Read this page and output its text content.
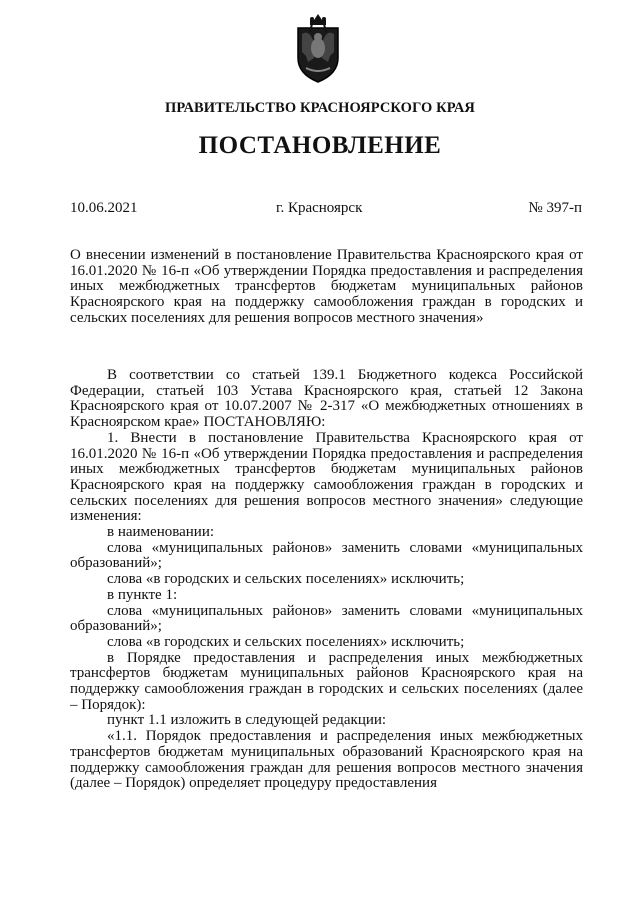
ПРАВИТЕЛЬСТВО КРАСНОЯРСКОГО КРАЯ
ПОСТАНОВЛЕНИЕ
10.06.2021	г. Красноярск	№ 397-п

О внесении изменений в постановление Правительства Красноярского края от 16.01.2020 № 16-п «Об утверждении Порядка предоставления и распределения иных межбюджетных трансфертов бюджетам муниципальных районов Красноярского края на поддержку самообложения граждан в городских и сельских поселениях для решения вопросов местного значения»

В соответствии со статьей 139.1 Бюджетного кодекса Российской Федерации, статьей 103 Устава Красноярского края, статьей 12 Закона Красноярского края от 10.07.2007 № 2-317 «О межбюджетных отношениях в Красноярском крае» ПОСТАНОВЛЯЮ:

1. Внести в постановление Правительства Красноярского края от 16.01.2020 № 16-п «Об утверждении Порядка предоставления и распределения иных межбюджетных трансфертов бюджетам муниципальных районов Красноярского края на поддержку самообложения граждан в городских и сельских поселениях для решения вопросов местного значения» следующие изменения:

в наименовании:

слова «муниципальных районов» заменить словами «муниципальных образований»;

слова «в городских и сельских поселениях» исключить;

в пункте 1:

слова «муниципальных районов» заменить словами «муниципальных образований»;

слова «в городских и сельских поселениях» исключить;

в Порядке предоставления и распределения иных межбюджетных трансфертов бюджетам муниципальных районов Красноярского края на поддержку самообложения граждан в городских и сельских поселениях (далее – Порядок):

пункт 1.1 изложить в следующей редакции:

«1.1. Порядок предоставления и распределения иных межбюджетных трансфертов бюджетам муниципальных образований Красноярского края на поддержку самообложения граждан для решения вопросов местного значения (далее – Порядок) определяет процедуру предоставления
